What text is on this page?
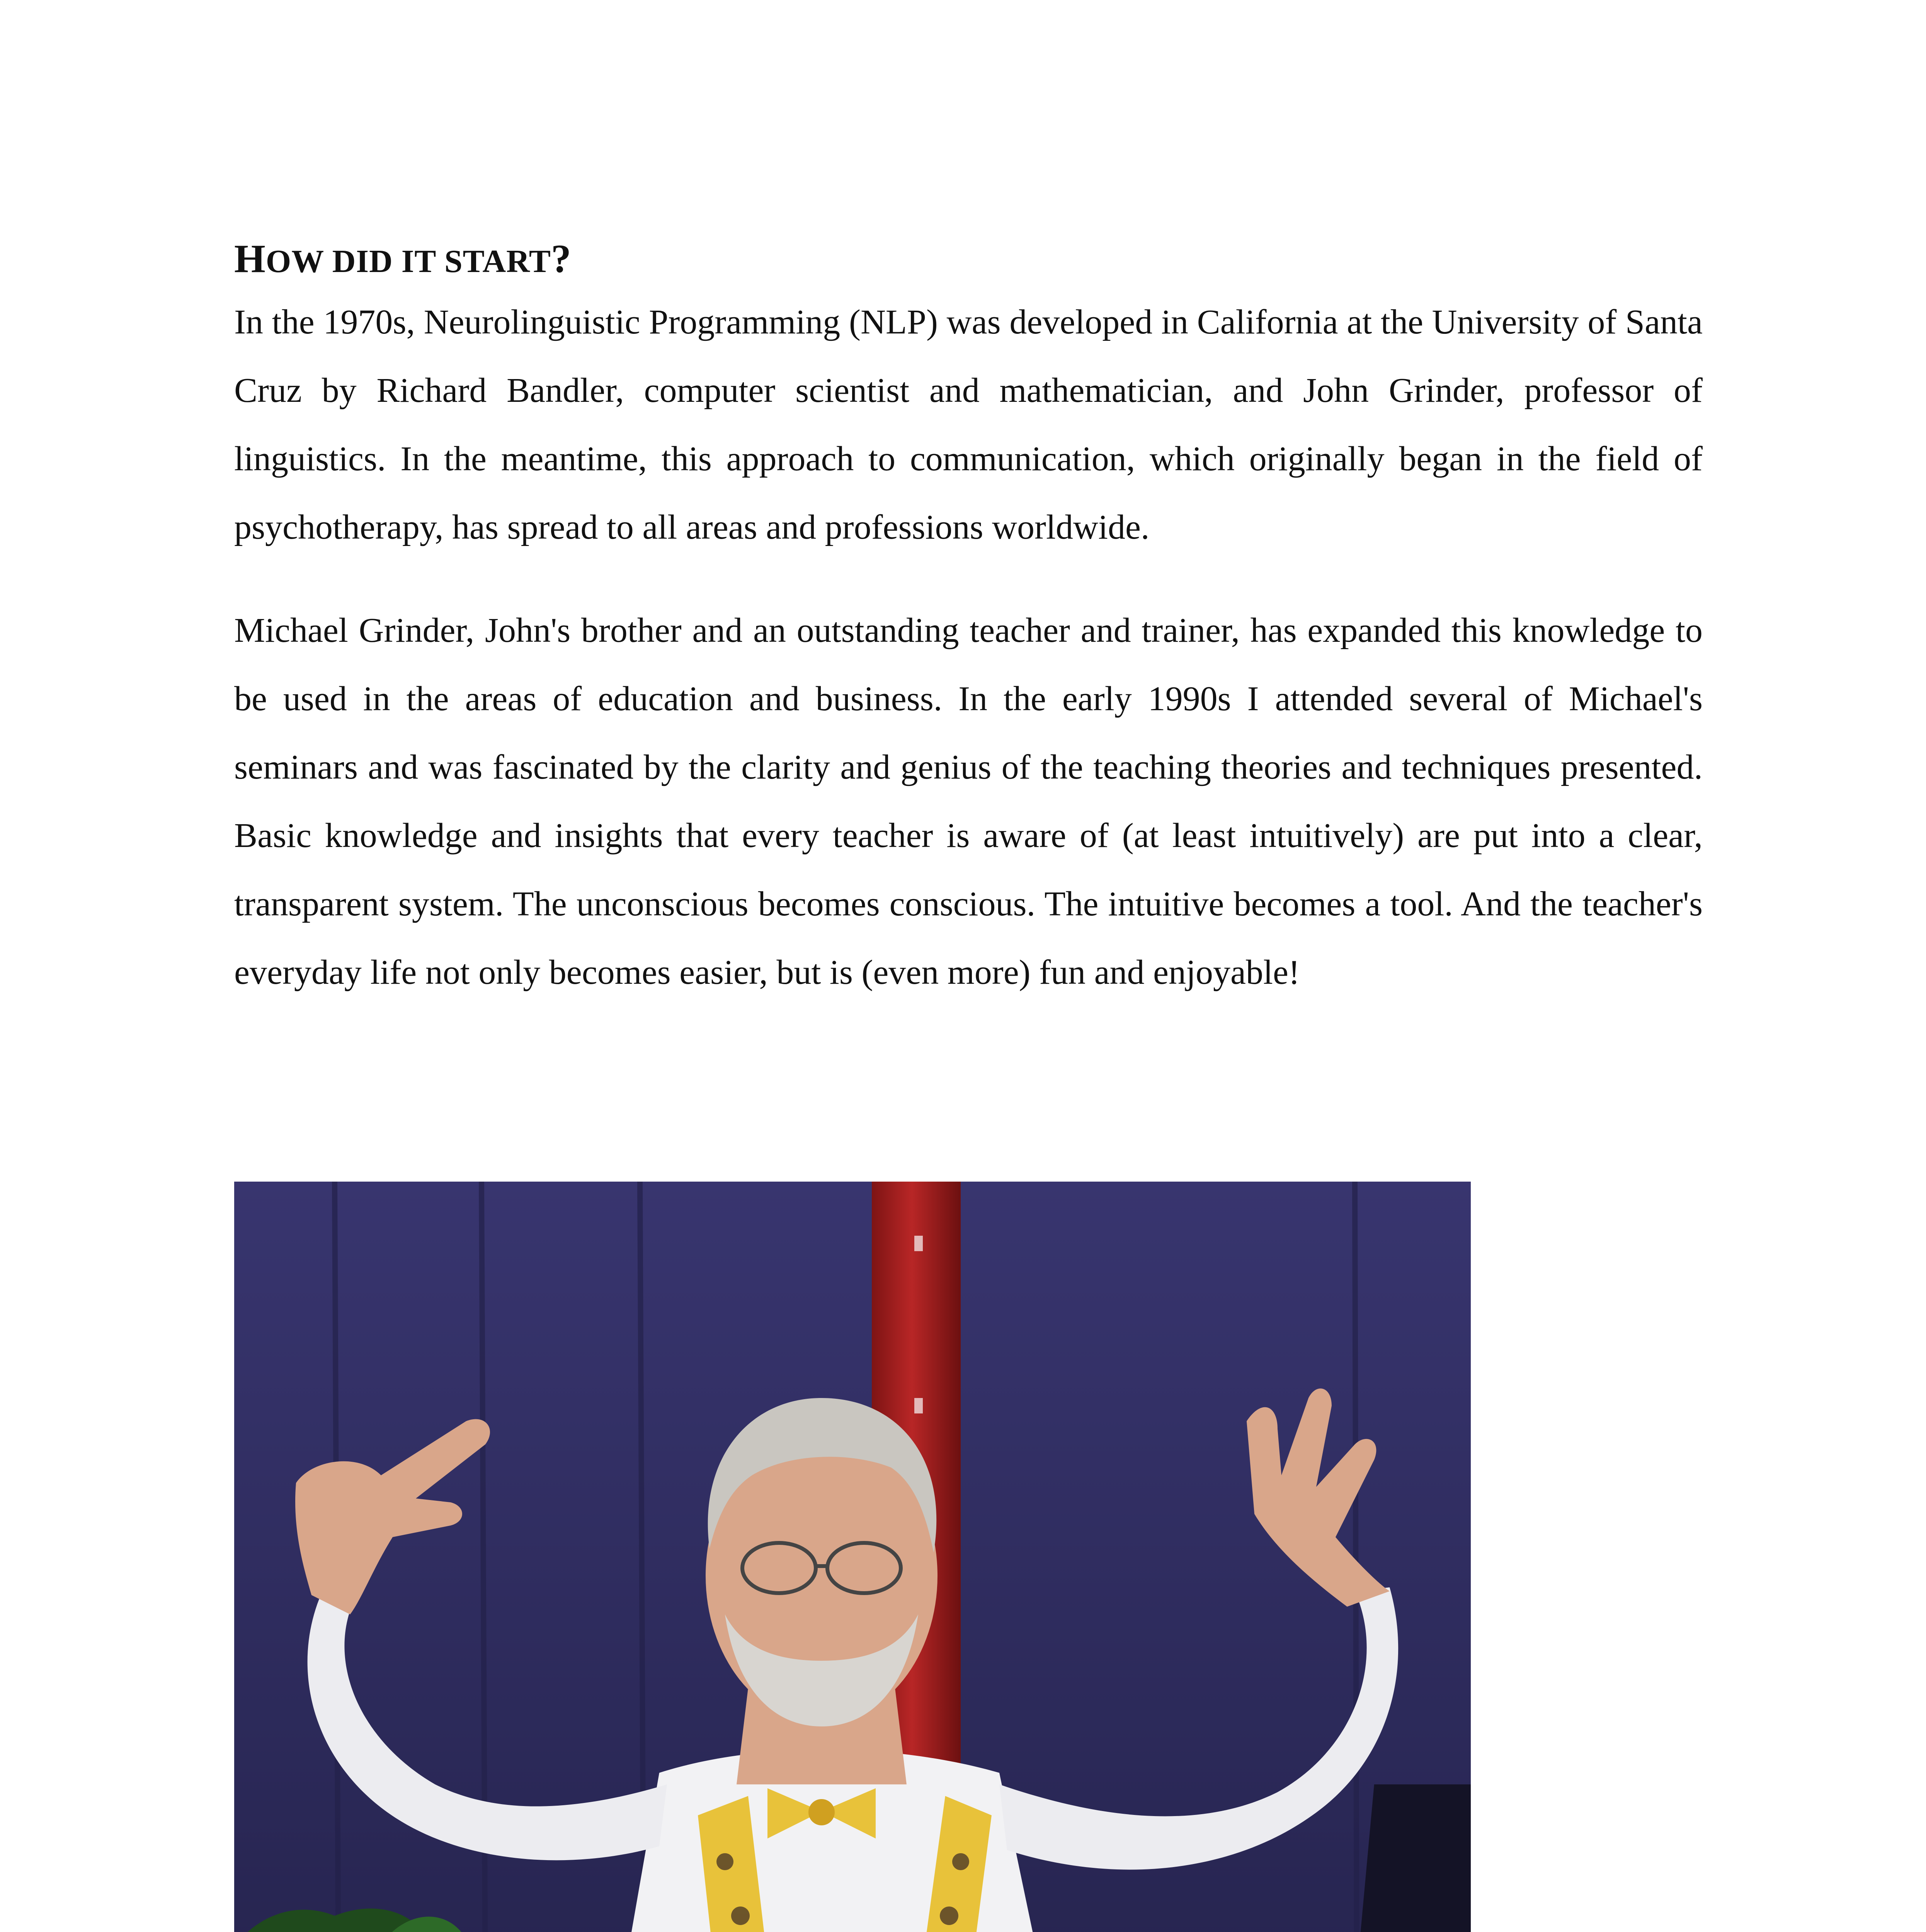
HOW DID IT START?

In the 1970s, Neurolinguistic Programming (NLP) was developed in California at the University of Santa Cruz by Richard Bandler, computer scientist and mathematician, and John Grinder, professor of linguistics. In the meantime, this approach to communication, which originally began in the field of psychotherapy, has spread to all areas and professions worldwide.

Michael Grinder, John's brother and an outstanding teacher and trainer, has expanded this knowledge to be used in the areas of education and business. In the early 1990s I attended several of Michael's seminars and was fascinated by the clarity and genius of the teaching theories and techniques presented. Basic knowledge and insights that every teacher is aware of (at least intuitively) are put into a clear, transparent system. The unconscious becomes conscious. The intuitive becomes a tool. And the teacher's everyday life not only becomes easier, but is (even more) fun and enjoyable!
